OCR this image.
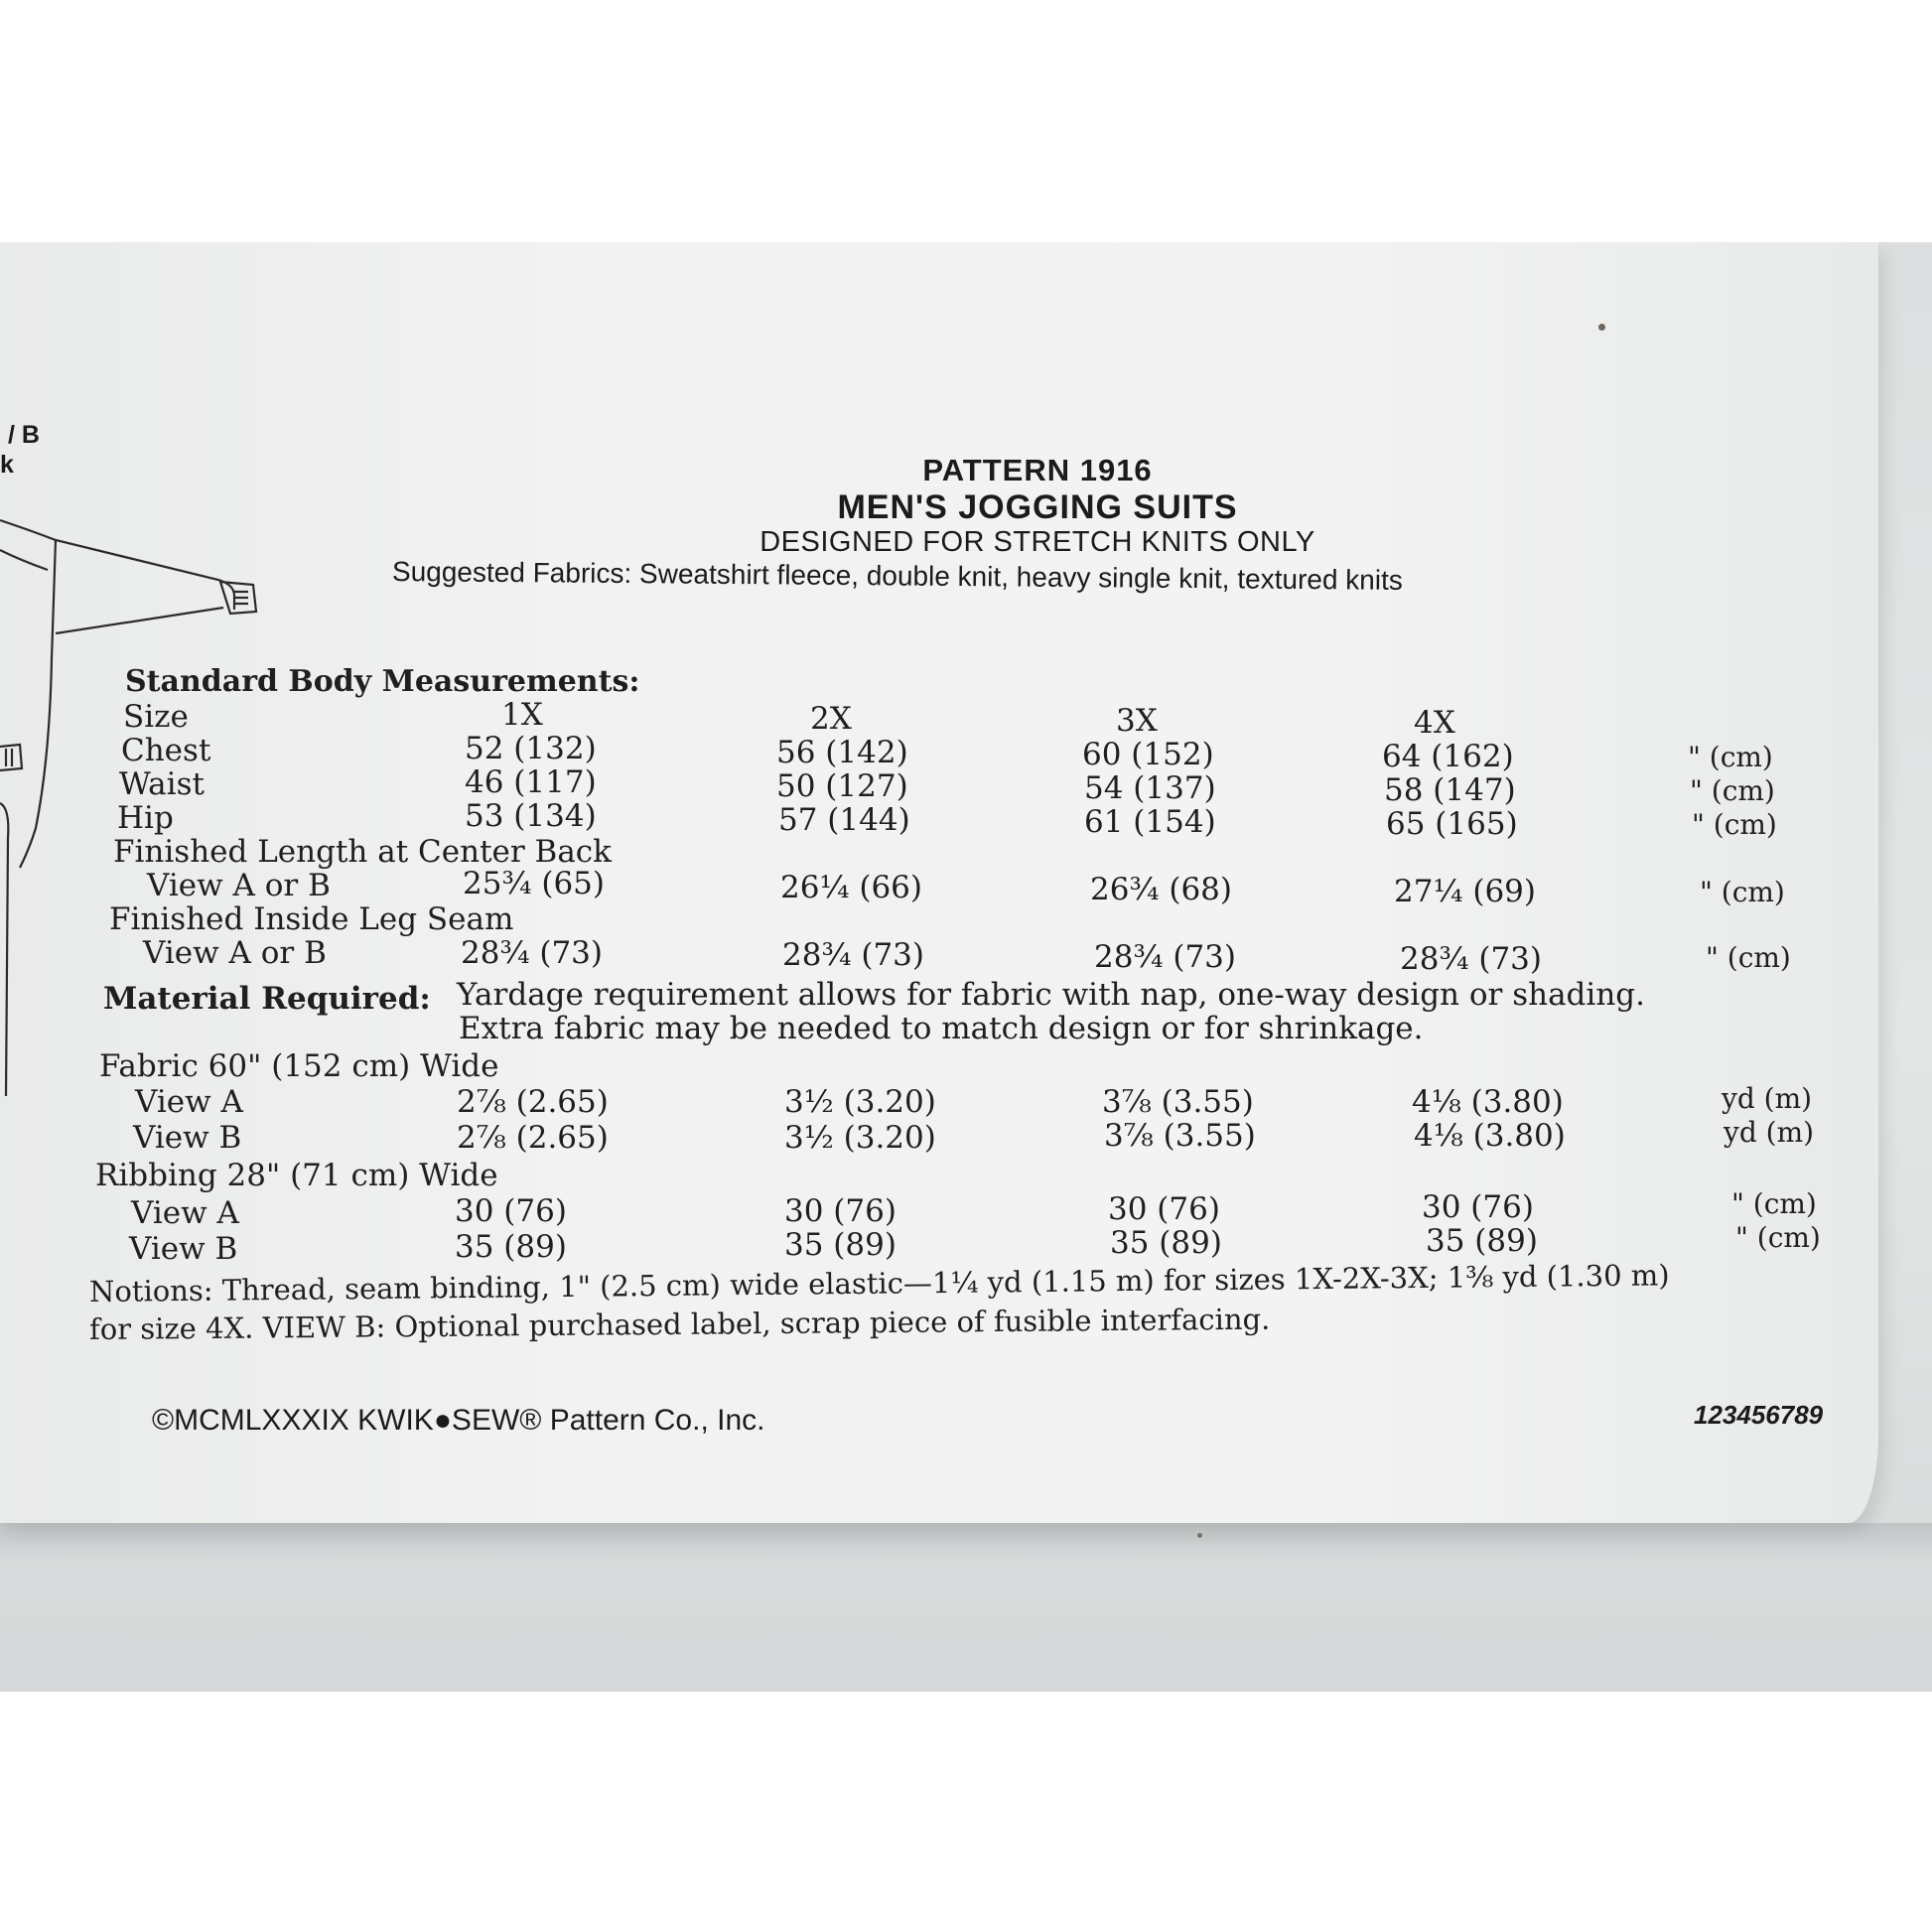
/ B
k	PATTERN 1916
MEN'S JOGGING SUITS
DESIGNED FOR STRETCH KNITS ONLY
Suggested Fabrics: Sweatshirt fleece, double knit, heavy single knit, textured knits
Standard Body Measurements:
Size	1X	2X	3X	4X
Chest	52 (132)	56 (142)	60 (152)	64 (162)	" (cm)
Waist	46 (117)	50 (127)	54 (137)	58 (147)	" (cm)
Hip	53 (134)	57 (144)	61 (154)	65 (165)	" (cm)
Finished Length at Center Back
View A or B	25¾ (65)	26¼ (66)	26¾ (68)	27¼ (69)	" (cm)
Finished Inside Leg Seam
View A or B	28¾ (73)	28¾ (73)	28¾ (73)	28¾ (73)	" (cm)
Material Required: Yardage requirement allows for fabric with nap, one-way design or shading.
Extra fabric may be needed to match design or for shrinkage.
Fabric 60" (152 cm) Wide
View A	2⅞ (2.65)	3½ (3.20)	3⅞ (3.55)	4⅛ (3.80)	yd (m)
View B	2⅞ (2.65)	3½ (3.20)	3⅞ (3.55)	4⅛ (3.80)	yd (m)
Ribbing 28" (71 cm) Wide
View A	30 (76)	30 (76)	30 (76)	30 (76)	" (cm)
View B	35 (89)	35 (89)	35 (89)	35 (89)	" (cm)
Notions: Thread, seam binding, 1" (2.5 cm) wide elastic—1¼ yd (1.15 m) for sizes 1X-2X-3X; 1⅜ yd (1.30 m)
for size 4X. VIEW B: Optional purchased label, scrap piece of fusible interfacing.
©MCMLXXXIX KWIK●SEW® Pattern Co., Inc.	123456789
